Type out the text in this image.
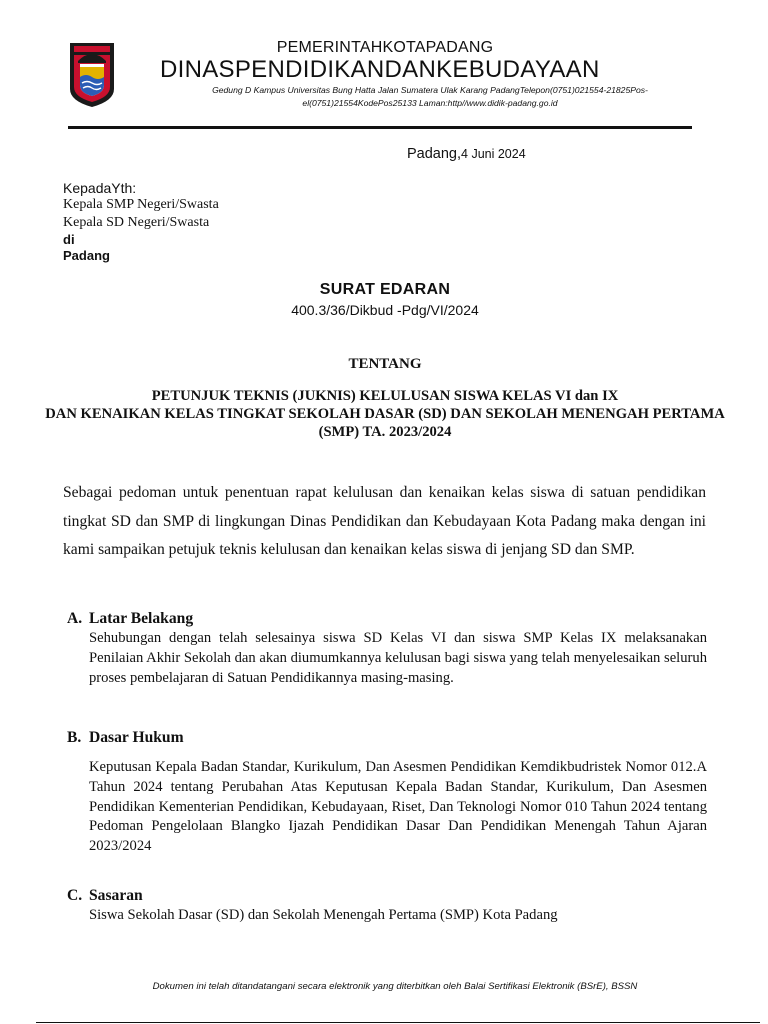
PEMERINTAHKOTAPADANG
DINASPENDIDIKANDANKEBUDAYAAN
Gedung D Kampus Universitas Bung Hatta Jalan Sumatera Ulak Karang PadangTelepon(0751)021554-21825Pos-el(0751)21554KodePos25133 Laman:http//www.didik-padang.go.id
Padang,4 Juni 2024
KepadaYth:
Kepala SMP Negeri/Swasta
Kepala SD Negeri/Swasta
di
Padang
SURAT EDARAN
400.3/36/Dikbud -Pdg/VI/2024
TENTANG
PETUNJUK TEKNIS (JUKNIS) KELULUSAN SISWA KELAS VI dan IX
DAN KENAIKAN KELAS TINGKAT SEKOLAH DASAR (SD) DAN SEKOLAH MENENGAH PERTAMA (SMP) TA. 2023/2024
Sebagai pedoman untuk penentuan rapat kelulusan dan kenaikan kelas siswa di satuan pendidikan tingkat SD dan SMP di lingkungan Dinas Pendidikan dan Kebudayaan Kota Padang maka dengan ini kami sampaikan petujuk teknis kelulusan dan kenaikan kelas siswa di jenjang SD dan SMP.
A. Latar Belakang
Sehubungan dengan telah selesainya siswa SD Kelas VI dan siswa SMP Kelas IX melaksanakan Penilaian Akhir Sekolah dan akan diumumkannya kelulusan bagi siswa yang telah menyelesaikan seluruh proses pembelajaran di Satuan Pendidikannya masing-masing.
B. Dasar Hukum
Keputusan Kepala Badan Standar, Kurikulum, Dan Asesmen Pendidikan Kemdikbudristek Nomor 012.A Tahun 2024 tentang Perubahan Atas Keputusan Kepala Badan Standar, Kurikulum, Dan Asesmen Pendidikan Kementerian Pendidikan, Kebudayaan, Riset, Dan Teknologi Nomor 010 Tahun 2024 tentang Pedoman Pengelolaan Blangko Ijazah Pendidikan Dasar Dan Pendidikan Menengah Tahun Ajaran 2023/2024
C. Sasaran
Siswa Sekolah Dasar (SD) dan Sekolah Menengah Pertama (SMP) Kota Padang
Dokumen ini telah ditandatangani secara elektronik yang diterbitkan oleh Balai Sertifikasi Elektronik (BSrE), BSSN
